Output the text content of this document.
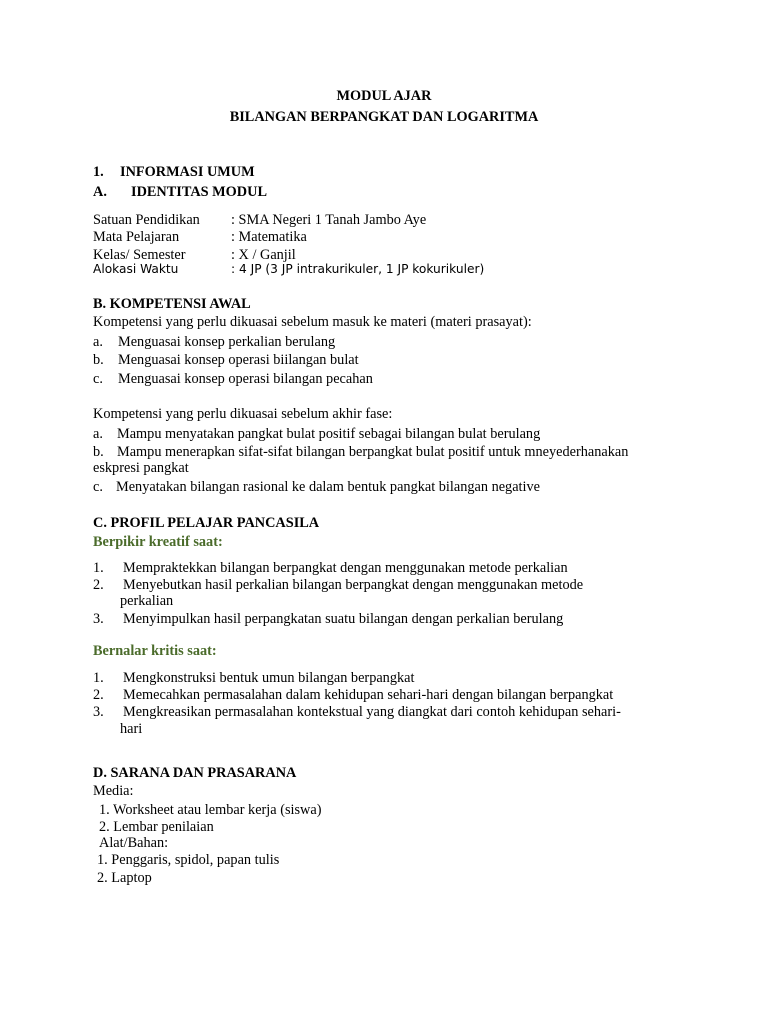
MODUL AJAR
BILANGAN BERPANGKAT DAN LOGARITMA
1. INFORMASI UMUM
A. IDENTITAS MODUL
Satuan Pendidikan : SMA Negeri 1 Tanah Jambo Aye
Mata Pelajaran	: Matematika
Kelas/ Semester	: X / Ganjil
Alokasi Waktu	: 4 JP (3 JP intrakurikuler, 1 JP kokurikuler)
B. KOMPETENSI AWAL
Kompetensi yang perlu dikuasai sebelum masuk ke materi (materi prasayat):
a. Menguasai konsep perkalian berulang
b. Menguasai konsep operasi biilangan bulat
c. Menguasai konsep operasi bilangan pecahan
Kompetensi yang perlu dikuasai sebelum akhir fase:
a. Mampu menyatakan pangkat bulat positif sebagai bilangan bulat berulang
b. Mampu menerapkan sifat-sifat bilangan berpangkat bulat positif untuk mneyederhanakan
eskpresi pangkat
c. Menyatakan bilangan rasional ke dalam bentuk pangkat bilangan negative
C. PROFIL PELAJAR PANCASILA
Berpikir kreatif saat:
1. Mempraktekkan bilangan berpangkat dengan menggunakan metode perkalian
2. Menyebutkan hasil perkalian bilangan berpangkat dengan menggunakan metode
perkalian
3. Menyimpulkan hasil perpangkatan suatu bilangan dengan perkalian berulang
Bernalar kritis saat:
1. Mengkonstruksi bentuk umun bilangan berpangkat
2. Memecahkan permasalahan dalam kehidupan sehari-hari dengan bilangan berpangkat
3. Mengkreasikan permasalahan kontekstual yang diangkat dari contoh kehidupan sehari-
hari
D. SARANA DAN PRASARANA
Media:
1. Worksheet atau lembar kerja (siswa)
2. Lembar penilaian
Alat/Bahan:
1. Penggaris, spidol, papan tulis
2. Laptop
